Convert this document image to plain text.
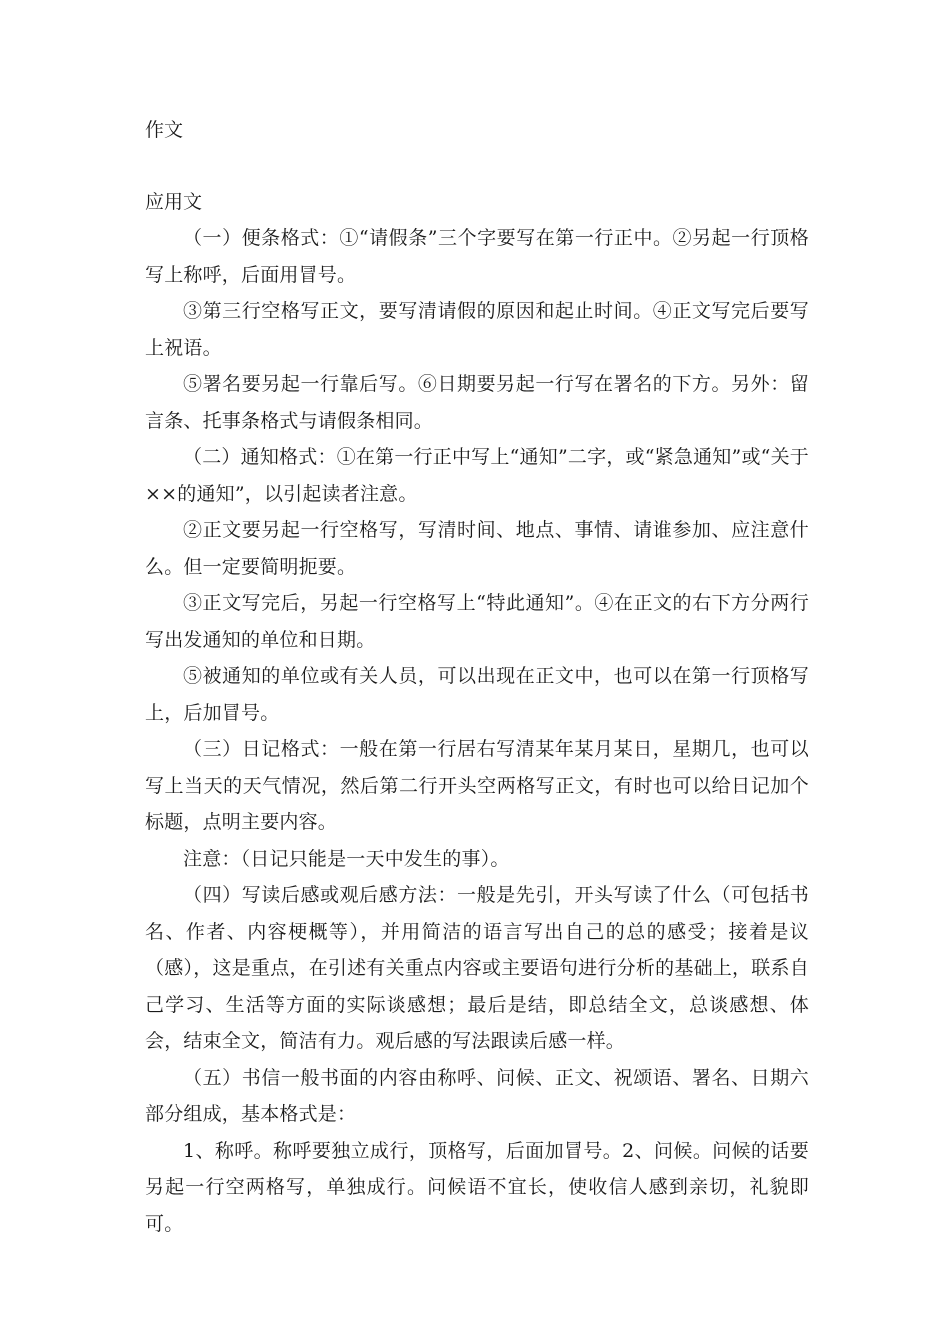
作文
应用文

（一）便条格式：①“请假条”三个字要写在第一行正中。②另起一行顶格写上称呼，后面用冒号。

③第三行空格写正文，要写清请假的原因和起止时间。④正文写完后要写上祝语。

⑤署名要另起一行靠后写。⑥日期要另起一行写在署名的下方。另外：留言条、托事条格式与请假条相同。

（二）通知格式：①在第一行正中写上“通知”二字，或“紧急通知”或“关于××的通知”，以引起读者注意。

②正文要另起一行空格写，写清时间、地点、事情、请谁参加、应注意什么。但一定要简明扼要。

③正文写完后，另起一行空格写上“特此通知”。④在正文的右下方分两行写出发通知的单位和日期。

⑤被通知的单位或有关人员，可以出现在正文中，也可以在第一行顶格写上，后加冒号。

（三）日记格式：一般在第一行居右写清某年某月某日，星期几，也可以写上当天的天气情况，然后第二行开头空两格写正文，有时也可以给日记加个标题，点明主要内容。

注意：（日记只能是一天中发生的事）。

（四）写读后感或观后感方法：一般是先引，开头写读了什么（可包括书名、作者、内容梗概等），并用简洁的语言写出自己的总的感受；接着是议（感），这是重点，在引述有关重点内容或主要语句进行分析的基础上，联系自己学习、生活等方面的实际谈感想；最后是结，即总结全文，总谈感想、体会，结束全文，简洁有力。观后感的写法跟读后感一样。

（五）书信一般书面的内容由称呼、问候、正文、祝颂语、署名、日期六部分组成，基本格式是：

1、称呼。称呼要独立成行，顶格写，后面加冒号。2、问候。问候的话要另起一行空两格写，单独成行。问候语不宜长，使收信人感到亲切，礼貌即可。
